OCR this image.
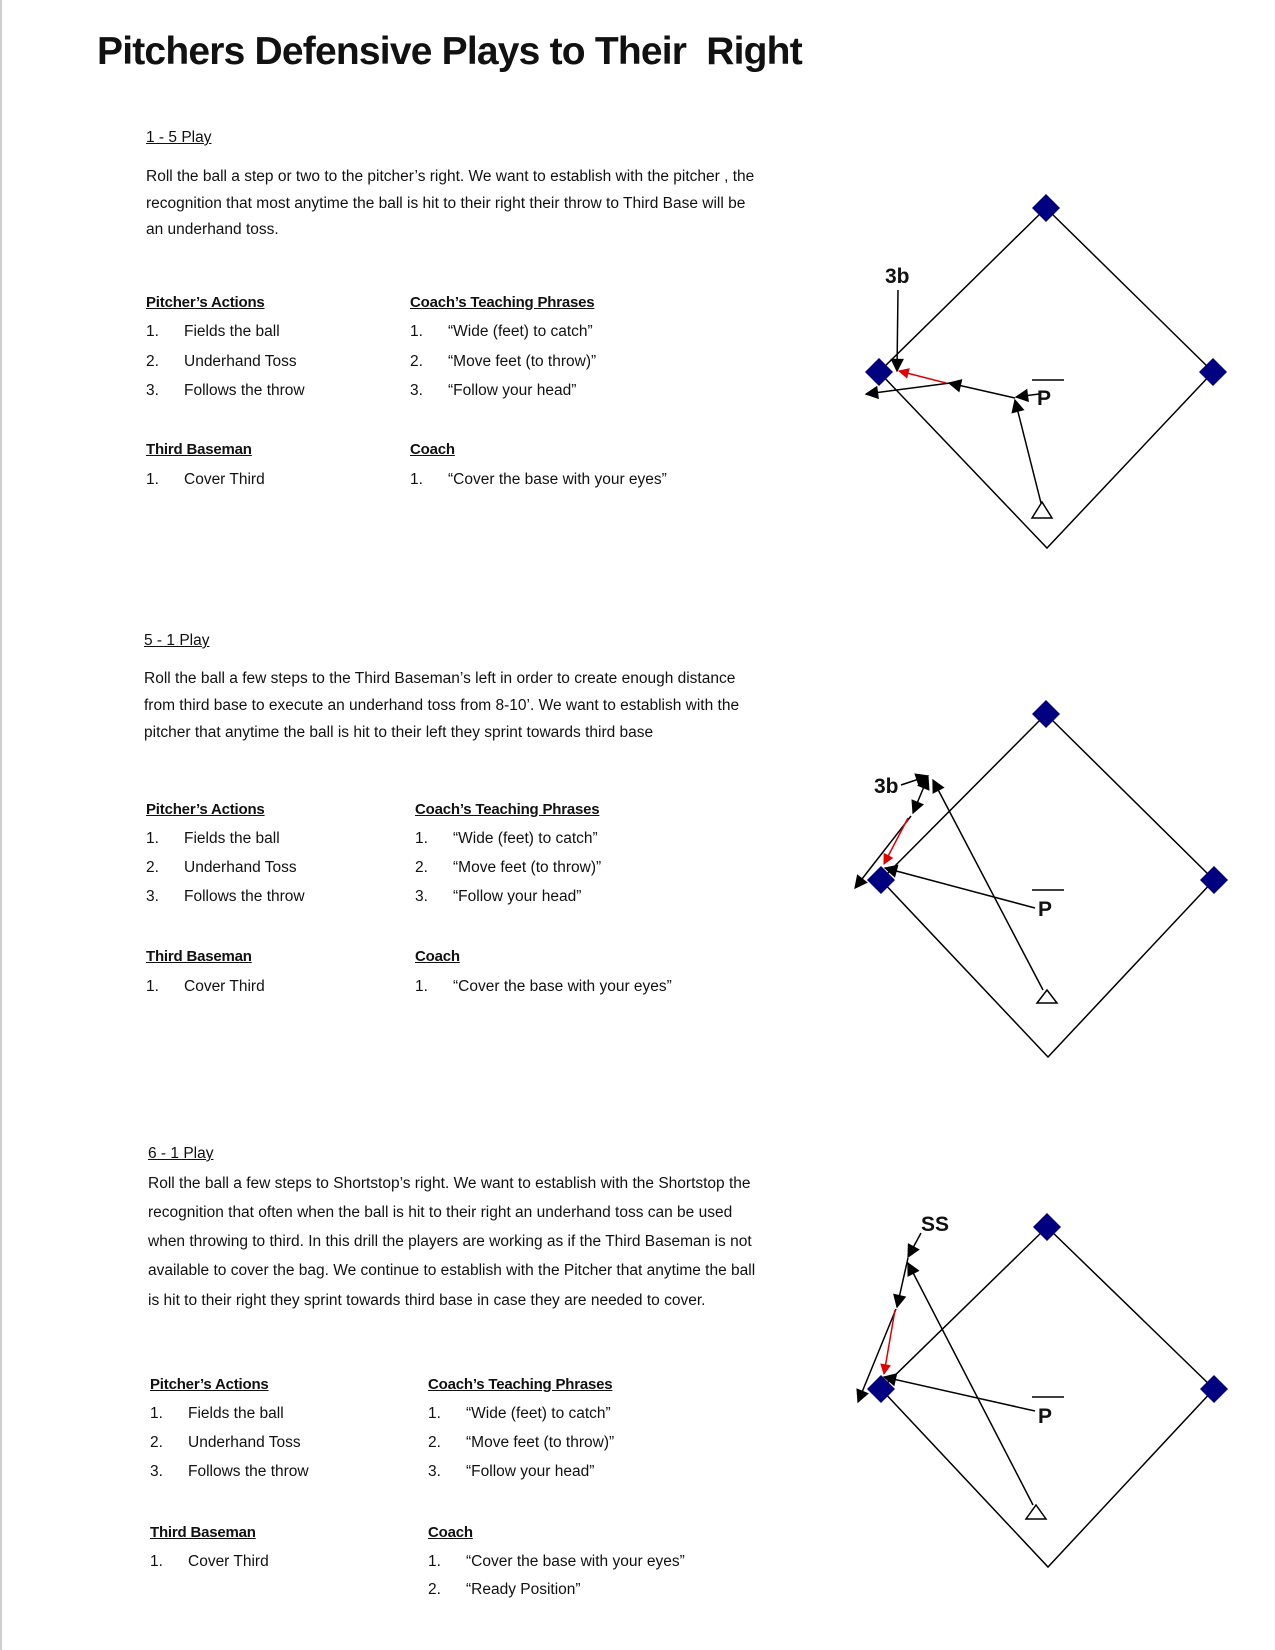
Pitchers Defensive Plays to Their  Right
1 - 5 Play
Roll the ball a step or two to the pitcher’s right. We want to establish with the pitcher , the
recognition that most anytime the ball is hit to their right their throw to Third Base will be
an underhand toss.
Pitcher’s Actions
1. Fields the ball
2. Underhand Toss
3. Follows the throw
Coach’s Teaching Phrases
1. “Wide (feet) to catch”
2. “Move feet (to throw)”
3. “Follow your head”
Third Baseman
1. Cover Third
Coach
1. “Cover the base with your eyes”
5 - 1 Play
Roll the ball a few steps to the Third Baseman’s left in order to create enough distance
from third base to execute an underhand toss from 8-10’. We want to establish with the
pitcher that anytime the ball is hit to their left they sprint towards third base
Pitcher’s Actions
1. Fields the ball
2. Underhand Toss
3. Follows the throw
Coach’s Teaching Phrases
1. “Wide (feet) to catch”
2. “Move feet (to throw)”
3. “Follow your head”
Third Baseman
1. Cover Third
Coach
1. “Cover the base with your eyes”
6 - 1 Play
Roll the ball a few steps to Shortstop’s right. We want to establish with the Shortstop the
recognition that often when the ball is hit to their right an underhand toss can be used
when throwing to third. In this drill the players are working as if the Third Baseman is not
available to cover the bag. We continue to establish with the Pitcher that anytime the ball
is hit to their right they sprint towards third base in case they are needed to cover.
Pitcher’s Actions
1. Fields the ball
2. Underhand Toss
3. Follows the throw
Coach’s Teaching Phrases
1. “Wide (feet) to catch”
2. “Move feet (to throw)”
3. “Follow your head”
Third Baseman
1. Cover Third
Coach
1. “Cover the base with your eyes”
2. “Ready Position”
3b
P
3b
P
SS
P
